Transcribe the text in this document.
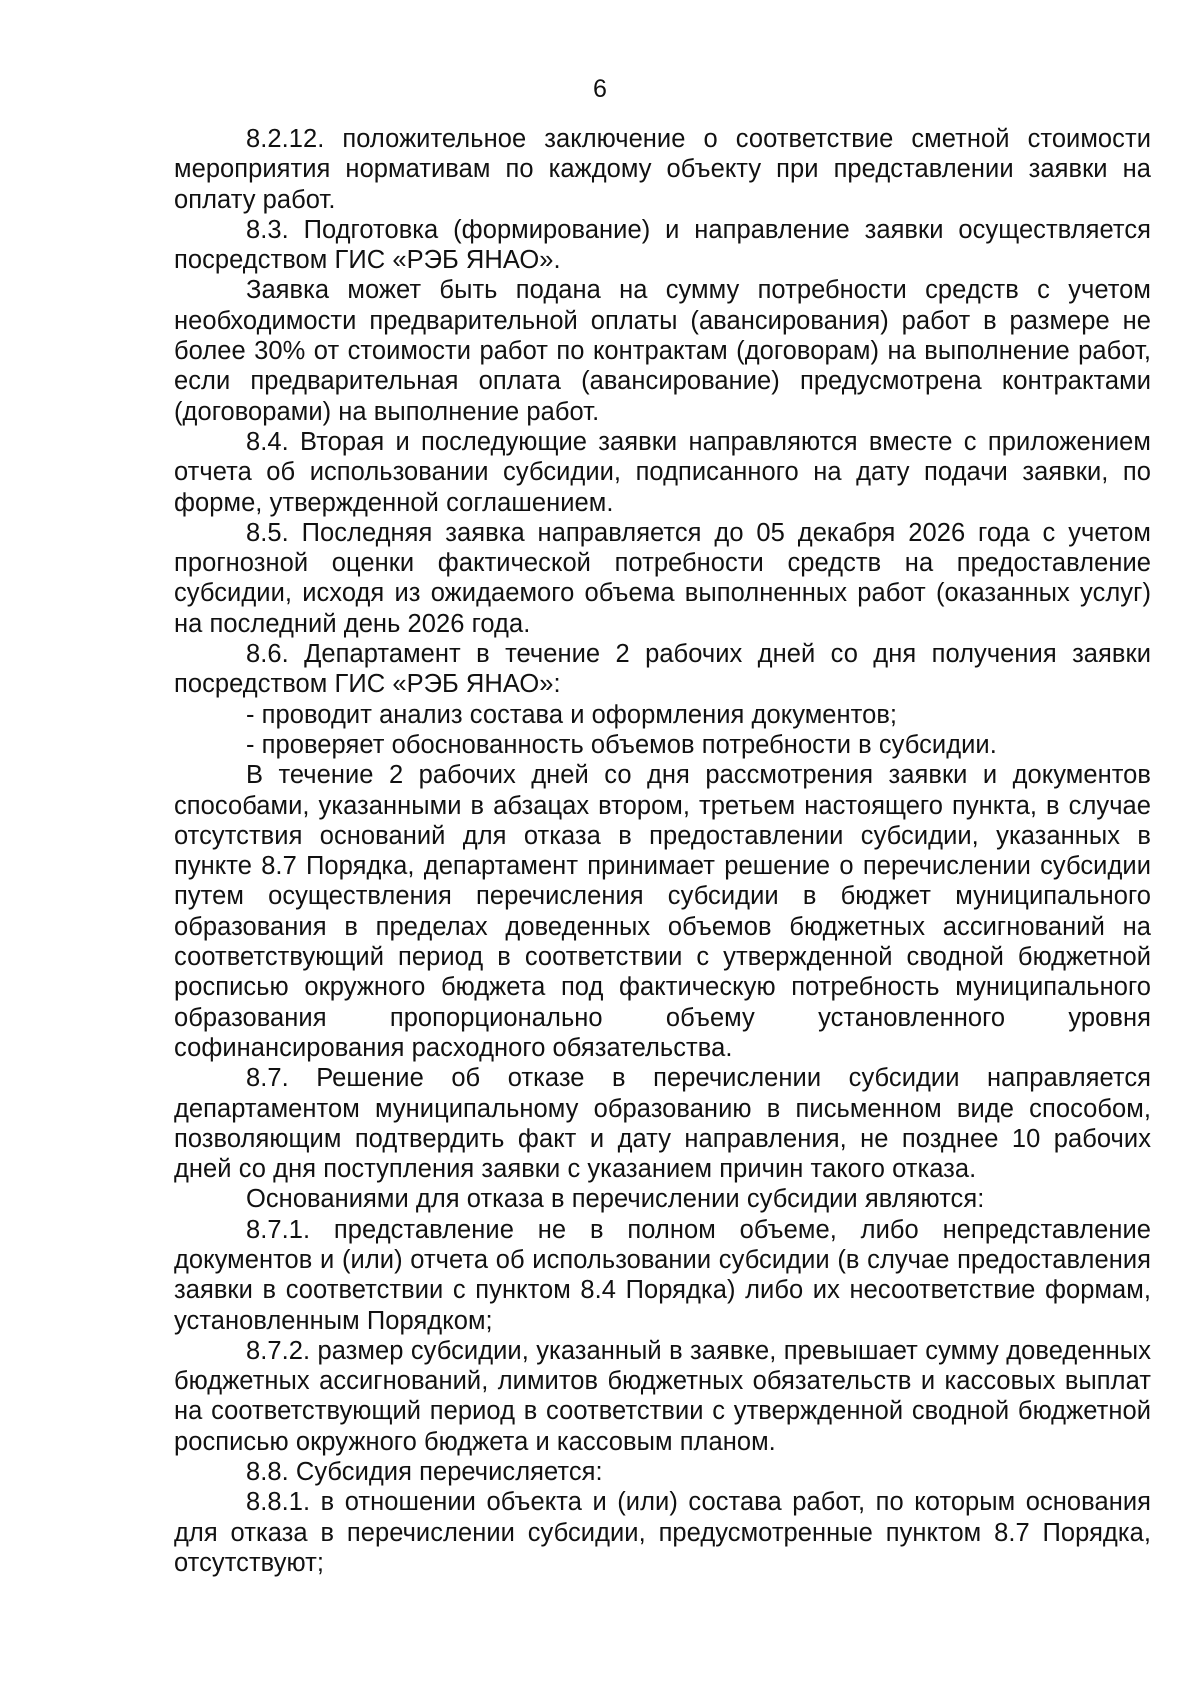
6

8.2.12. положительное заключение о соответствие сметной стоимости мероприятия нормативам по каждому объекту при представлении заявки на оплату работ.

8.3. Подготовка (формирование) и направление заявки осуществляется посредством ГИС «РЭБ ЯНАО».

Заявка может быть подана на сумму потребности средств с учетом необходимости предварительной оплаты (авансирования) работ в размере не более 30% от стоимости работ по контрактам (договорам) на выполнение работ, если предварительная оплата (авансирование) предусмотрена контрактами (договорами) на выполнение работ.

8.4. Вторая и последующие заявки направляются вместе с приложением отчета об использовании субсидии, подписанного на дату подачи заявки, по форме, утвержденной соглашением.

8.5. Последняя заявка направляется до 05 декабря 2026 года с учетом прогнозной оценки фактической потребности средств на предоставление субсидии, исходя из ожидаемого объема выполненных работ (оказанных услуг) на последний день 2026 года.

8.6. Департамент в течение 2 рабочих дней со дня получения заявки посредством ГИС «РЭБ ЯНАО»:

- проводит анализ состава и оформления документов;

- проверяет обоснованность объемов потребности в субсидии.

В течение 2 рабочих дней со дня рассмотрения заявки и документов способами, указанными в абзацах втором, третьем настоящего пункта, в случае отсутствия оснований для отказа в предоставлении субсидии, указанных в пункте 8.7 Порядка, департамент принимает решение о перечислении субсидии путем осуществления перечисления субсидии в бюджет муниципального образования в пределах доведенных объемов бюджетных ассигнований на соответствующий период в соответствии с утвержденной сводной бюджетной росписью окружного бюджета под фактическую потребность муниципального образования пропорционально объему установленного уровня софинансирования расходного обязательства.

8.7. Решение об отказе в перечислении субсидии направляется департаментом муниципальному образованию в письменном виде способом, позволяющим подтвердить факт и дату направления, не позднее 10 рабочих дней со дня поступления заявки с указанием причин такого отказа.

Основаниями для отказа в перечислении субсидии являются:

8.7.1. представление не в полном объеме, либо непредставление документов и (или) отчета об использовании субсидии (в случае предоставления заявки в соответствии с пунктом 8.4 Порядка) либо их несоответствие формам, установленным Порядком;

8.7.2. размер субсидии, указанный в заявке, превышает сумму доведенных бюджетных ассигнований, лимитов бюджетных обязательств и кассовых выплат на соответствующий период в соответствии с утвержденной сводной бюджетной росписью окружного бюджета и кассовым планом.

8.8. Субсидия перечисляется:

8.8.1. в отношении объекта и (или) состава работ, по которым основания для отказа в перечислении субсидии, предусмотренные пунктом 8.7 Порядка, отсутствуют;
